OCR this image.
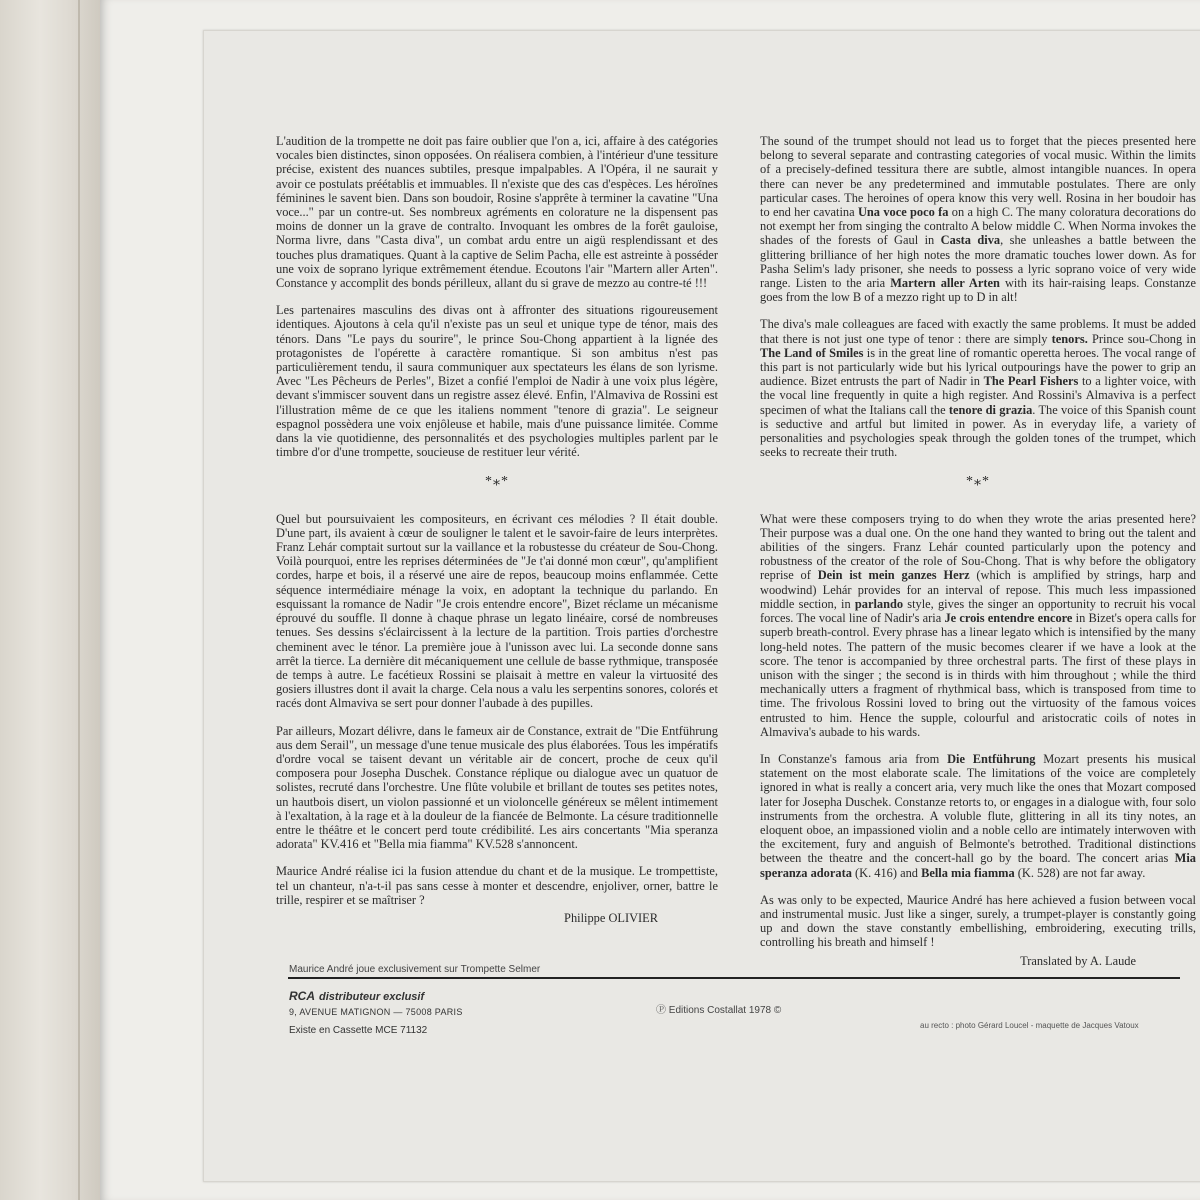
L'audition de la trompette ne doit pas faire oublier que l'on a, ici, affaire à des catégories vocales bien distinctes, sinon opposées. On réalisera combien, à l'intérieur d'une tessiture précise, existent des nuances subtiles, presque impalpables. A l'Opéra, il ne saurait y avoir ce postulats préétablis et immuables. Il n'existe que des cas d'espèces. Les héroïnes féminines le savent bien. Dans son boudoir, Rosine s'apprête à terminer la cavatine "Una voce..." par un contre-ut. Ses nombreux agréments en colorature ne la dispensent pas moins de donner un la grave de contralto. Invoquant les ombres de la forêt gauloise, Norma livre, dans "Casta diva", un combat ardu entre un aigü resplendissant et des touches plus dramatiques. Quant à la captive de Selim Pacha, elle est astreinte à posséder une voix de soprano lyrique extrêmement étendue. Ecoutons l'air "Martern aller Arten". Constance y accomplit des bonds périlleux, allant du si grave de mezzo au contre-té !!!

Les partenaires masculins des divas ont à affronter des situations rigoureusement identiques. Ajoutons à cela qu'il n'existe pas un seul et unique type de ténor, mais des ténors. Dans "Le pays du sourire", le prince Sou-Chong appartient à la lignée des protagonistes de l'opérette à caractère romantique. Si son ambitus n'est pas particulièrement tendu, il saura communiquer aux spectateurs les élans de son lyrisme. Avec "Les Pêcheurs de Perles", Bizet a confié l'emploi de Nadir à une voix plus légère, devant s'immiscer souvent dans un registre assez élevé. Enfin, l'Almaviva de Rossini est l'illustration même de ce que les italiens nomment "tenore di grazia". Le seigneur espagnol possèdera une voix enjôleuse et habile, mais d'une puissance limitée. Comme dans la vie quotidienne, des personnalités et des psychologies multiples parlent par le timbre d'or d'une trompette, soucieuse de restituer leur vérité.

*⁎*

Quel but poursuivaient les compositeurs, en écrivant ces mélodies ? Il était double. D'une part, ils avaient à cœur de souligner le talent et le savoir-faire de leurs interprètes. Franz Lehár comptait surtout sur la vaillance et la robustesse du créateur de Sou-Chong. Voilà pourquoi, entre les reprises déterminées de "Je t'ai donné mon cœur", qu'amplifient cordes, harpe et bois, il a réservé une aire de repos, beaucoup moins enflammée. Cette séquence intermédiaire ménage la voix, en adoptant la technique du parlando. En esquissant la romance de Nadir "Je crois entendre encore", Bizet réclame un mécanisme éprouvé du souffle. Il donne à chaque phrase un legato linéaire, corsé de nombreuses tenues. Ses dessins s'éclaircissent à la lecture de la partition. Trois parties d'orchestre cheminent avec le ténor. La première joue à l'unisson avec lui. La seconde donne sans arrêt la tierce. La dernière dit mécaniquement une cellule de basse rythmique, transposée de temps à autre. Le facétieux Rossini se plaisait à mettre en valeur la virtuosité des gosiers illustres dont il avait la charge. Cela nous a valu les serpentins sonores, colorés et racés dont Almaviva se sert pour donner l'aubade à des pupilles.

Par ailleurs, Mozart délivre, dans le fameux air de Constance, extrait de "Die Entführung aus dem Serail", un message d'une tenue musicale des plus élaborées. Tous les impératifs d'ordre vocal se taisent devant un véritable air de concert, proche de ceux qu'il composera pour Josepha Duschek. Constance réplique ou dialogue avec un quatuor de solistes, recruté dans l'orchestre. Une flûte volubile et brillant de toutes ses petites notes, un hautbois disert, un violon passionné et un violoncelle généreux se mêlent intimement à l'exaltation, à la rage et à la douleur de la fiancée de Belmonte. La césure traditionnelle entre le théâtre et le concert perd toute crédibilité. Les airs concertants "Mia speranza adorata" KV.416 et "Bella mia fiamma" KV.528 s'annoncent.

Maurice André réalise ici la fusion attendue du chant et de la musique. Le trompettiste, tel un chanteur, n'a-t-il pas sans cesse à monter et descendre, enjoliver, orner, battre le trille, respirer et se maîtriser ?

Philippe OLIVIER

The sound of the trumpet should not lead us to forget that the pieces presented here belong to several separate and contrasting categories of vocal music. Within the limits of a precisely-defined tessitura there are subtle, almost intangible nuances. In opera there can never be any predetermined and immutable postulates. There are only particular cases. The heroines of opera know this very well. Rosina in her boudoir has to end her cavatina Una voce poco fa on a high C. The many coloratura decorations do not exempt her from singing the contralto A below middle C. When Norma invokes the shades of the forests of Gaul in Casta diva, she unleashes a battle between the glittering brilliance of her high notes the more dramatic touches lower down. As for Pasha Selim's lady prisoner, she needs to possess a lyric soprano voice of very wide range. Listen to the aria Martern aller Arten with its hair-raising leaps. Constanze goes from the low B of a mezzo right up to D in alt!

The diva's male colleagues are faced with exactly the same problems. It must be added that there is not just one type of tenor : there are simply tenors. Prince sou-Chong in The Land of Smiles is in the great line of romantic operetta heroes. The vocal range of this part is not particularly wide but his lyrical outpourings have the power to grip an audience. Bizet entrusts the part of Nadir in The Pearl Fishers to a lighter voice, with the vocal line frequently in quite a high register. And Rossini's Almaviva is a perfect specimen of what the Italians call the tenore di grazia. The voice of this Spanish count is seductive and artful but limited in power. As in everyday life, a variety of personalities and psychologies speak through the golden tones of the trumpet, which seeks to recreate their truth.

*⁎*

What were these composers trying to do when they wrote the arias presented here? Their purpose was a dual one. On the one hand they wanted to bring out the talent and abilities of the singers. Franz Lehár counted particularly upon the potency and robustness of the creator of the role of Sou-Chong. That is why before the obligatory reprise of Dein ist mein ganzes Herz (which is amplified by strings, harp and woodwind) Lehár provides for an interval of repose. This much less impassioned middle section, in parlando style, gives the singer an opportunity to recruit his vocal forces. The vocal line of Nadir's aria Je crois entendre encore in Bizet's opera calls for superb breath-control. Every phrase has a linear legato which is intensified by the many long-held notes. The pattern of the music becomes clearer if we have a look at the score. The tenor is accompanied by three orchestral parts. The first of these plays in unison with the singer ; the second is in thirds with him throughout ; while the third mechanically utters a fragment of rhythmical bass, which is transposed from time to time. The frivolous Rossini loved to bring out the virtuosity of the famous voices entrusted to him. Hence the supple, colourful and aristocratic coils of notes in Almaviva's aubade to his wards.

In Constanze's famous aria from Die Entführung Mozart presents his musical statement on the most elaborate scale. The limitations of the voice are completely ignored in what is really a concert aria, very much like the ones that Mozart composed later for Josepha Duschek. Constanze retorts to, or engages in a dialogue with, four solo instruments from the orchestra. A voluble flute, glittering in all its tiny notes, an eloquent oboe, an impassioned violin and a noble cello are intimately interwoven with the excitement, fury and anguish of Belmonte's betrothed. Traditional distinctions between the theatre and the concert-hall go by the board. The concert arias Mia speranza adorata (K. 416) and Bella mia fiamma (K. 528) are not far away.

As was only to be expected, Maurice André has here achieved a fusion between vocal and instrumental music. Just like a singer, surely, a trumpet-player is constantly going up and down the stave constantly embellishing, embroidering, executing trills, controlling his breath and himself !

Translated by A. Laude
Maurice André joue exclusivement sur Trompette Selmer
RCA distributeur exclusif
9, AVENUE MATIGNON — 75008 PARIS
Existe en Cassette MCE 71132
Ⓟ Editions Costallat 1978 ©
au recto : photo Gérard Loucel - maquette de Jacques Vatoux
